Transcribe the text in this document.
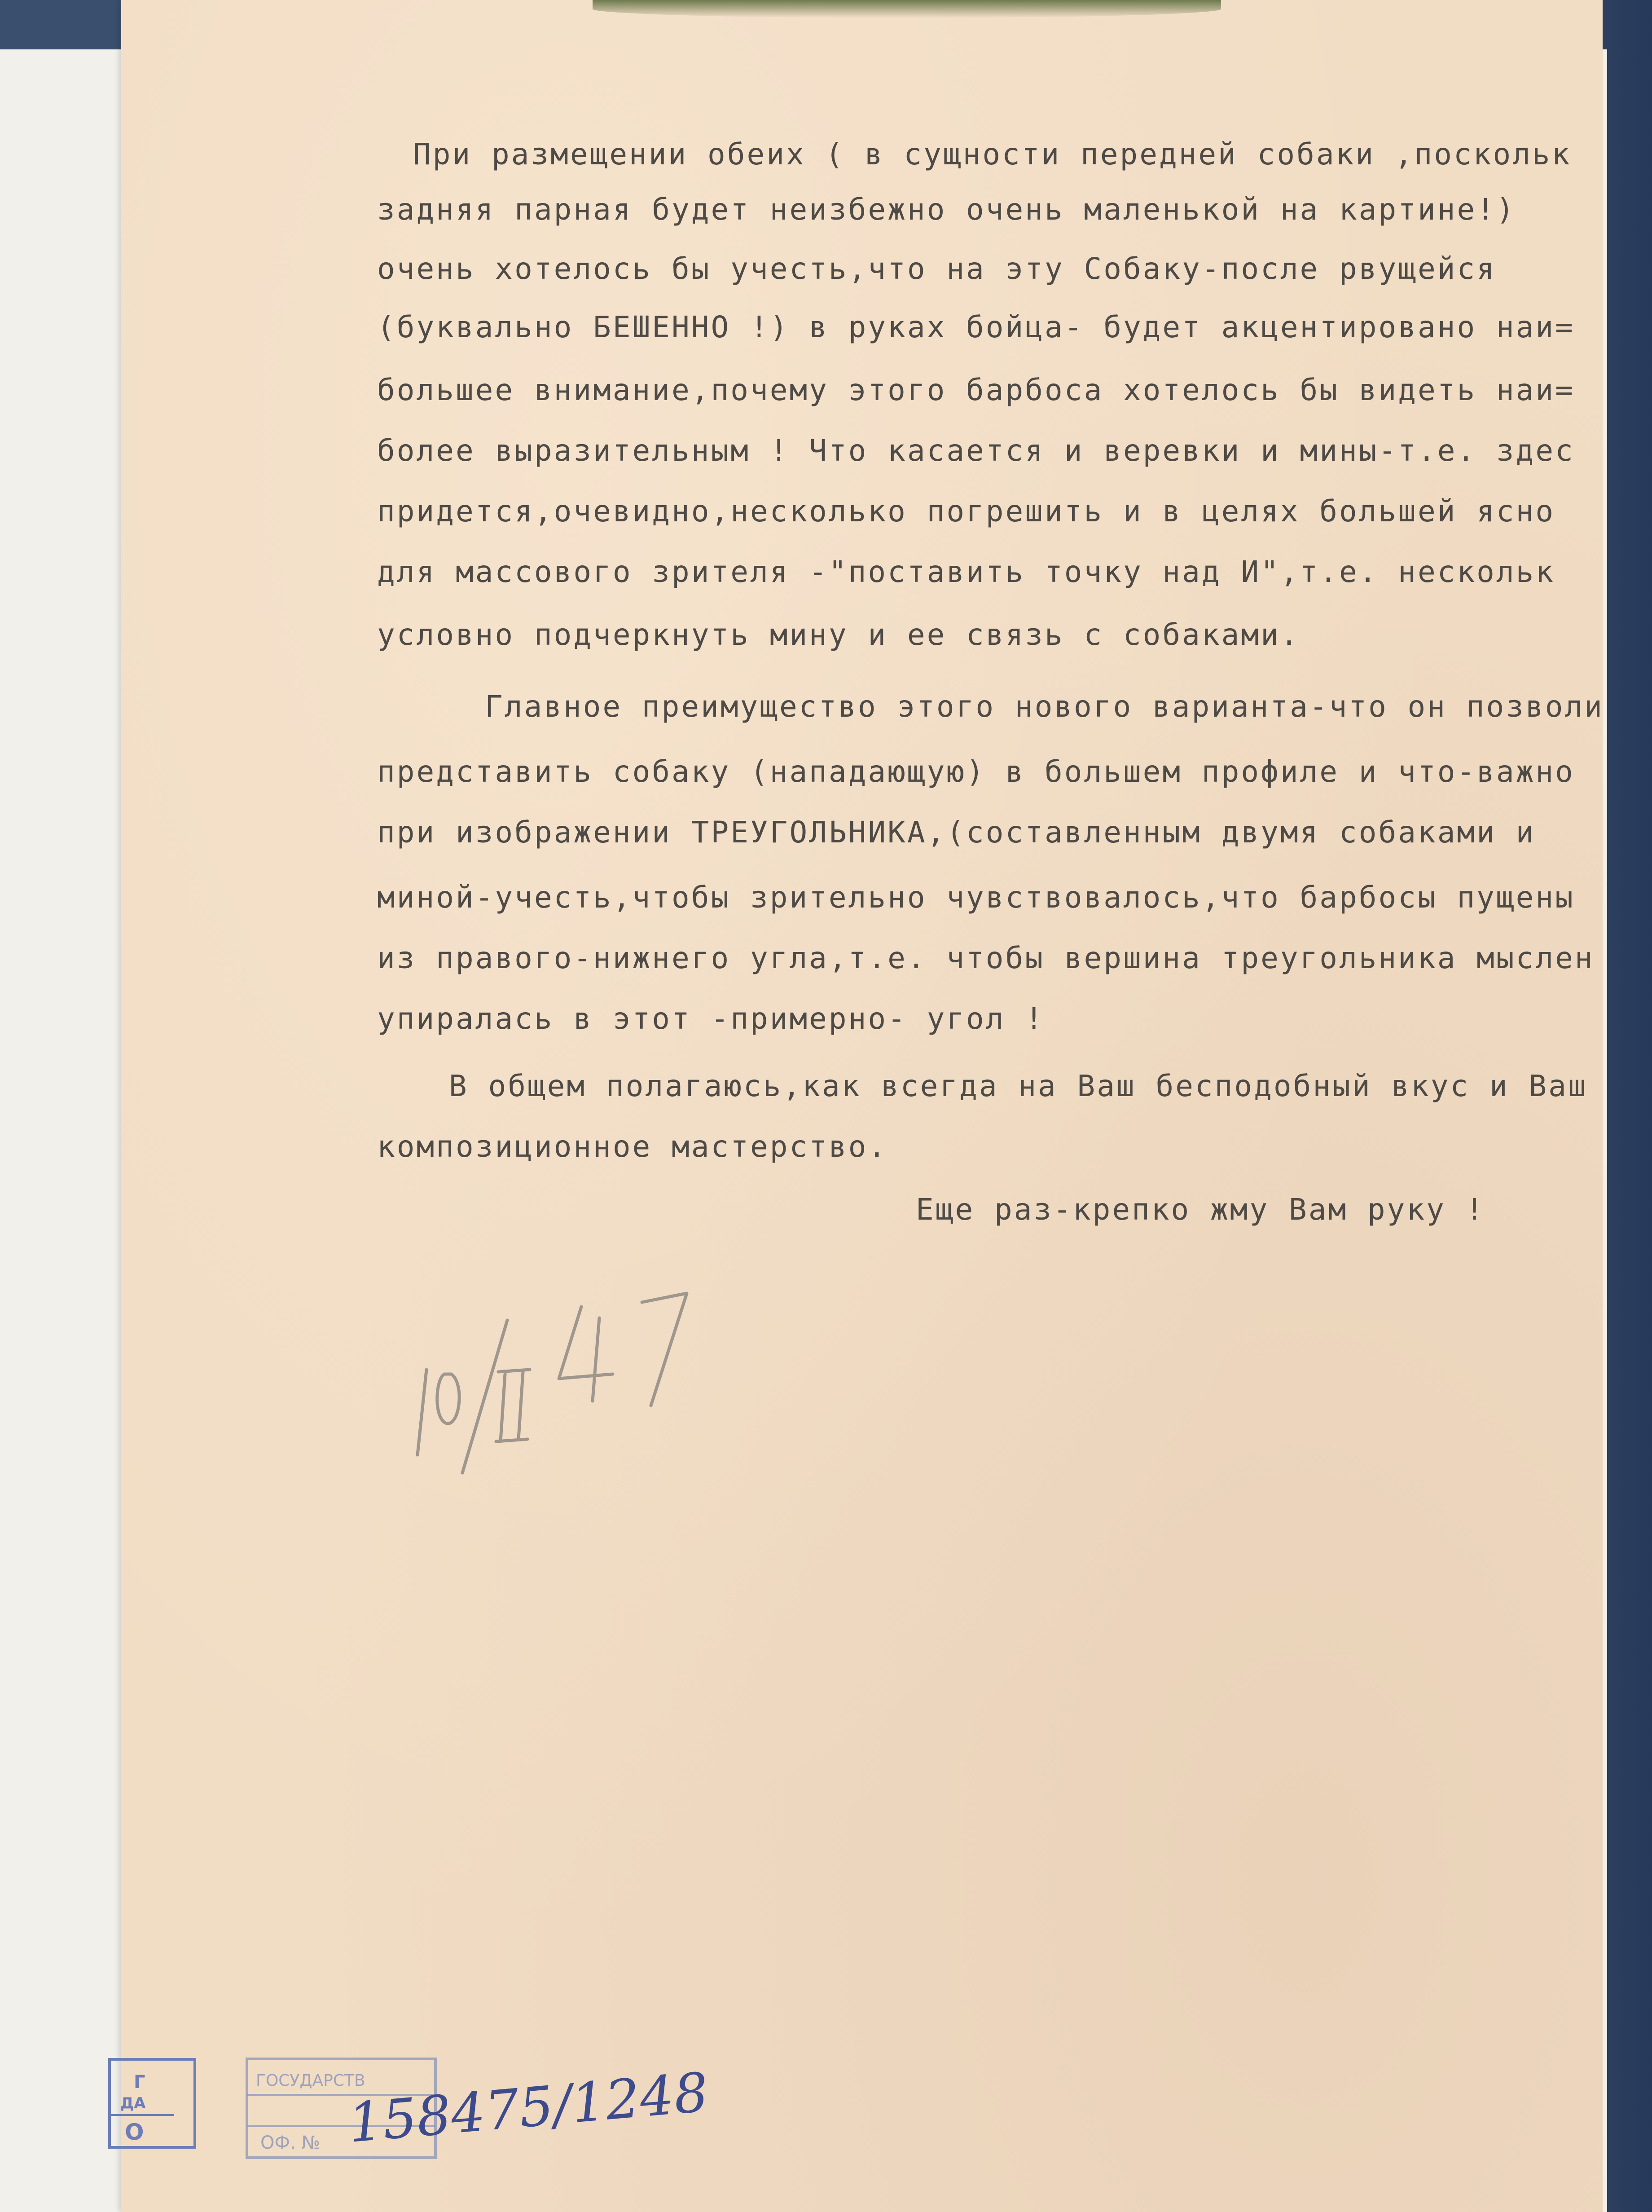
При размещении обеих ( в сущности передней собаки ,поскольк

задняя парная будет неизбежно очень маленькой на картине!)

очень хотелось бы учесть,что на эту Собаку-после рвущейся

(буквально БЕШЕННО !) в руках бойца- будет акцентировано наи=

большее внимание,почему этого барбоса хотелось бы видеть наи=

более выразительным ! Что касается и веревки и мины-т.е. здес

придется,очевидно,несколько погрешить и в целях большей ясно

для массового зрителя -"поставить точку над И",т.е. нескольк

условно подчеркнуть мину и ее связь с собаками.

Главное преимущество этого нового варианта-что он позволи

представить собаку (нападающую) в большем профиле и что-важно

при изображении ТРЕУГОЛЬНИКА,(составленным двумя собаками и

миной-учесть,чтобы зрительно чувствовалось,что барбосы пущены

из правого-нижнего угла,т.е. чтобы вершина треугольника мыслен

упиралась в этот -примерно- угол !

В общем полагаюсь,как всегда на Ваш бесподобный вкус и Ваш

композиционное мастерство.

Еще раз-крепко жму Вам руку !

Г
ДА
О
ГОСУДАРСТВ
ОФ. № 158475/1248
